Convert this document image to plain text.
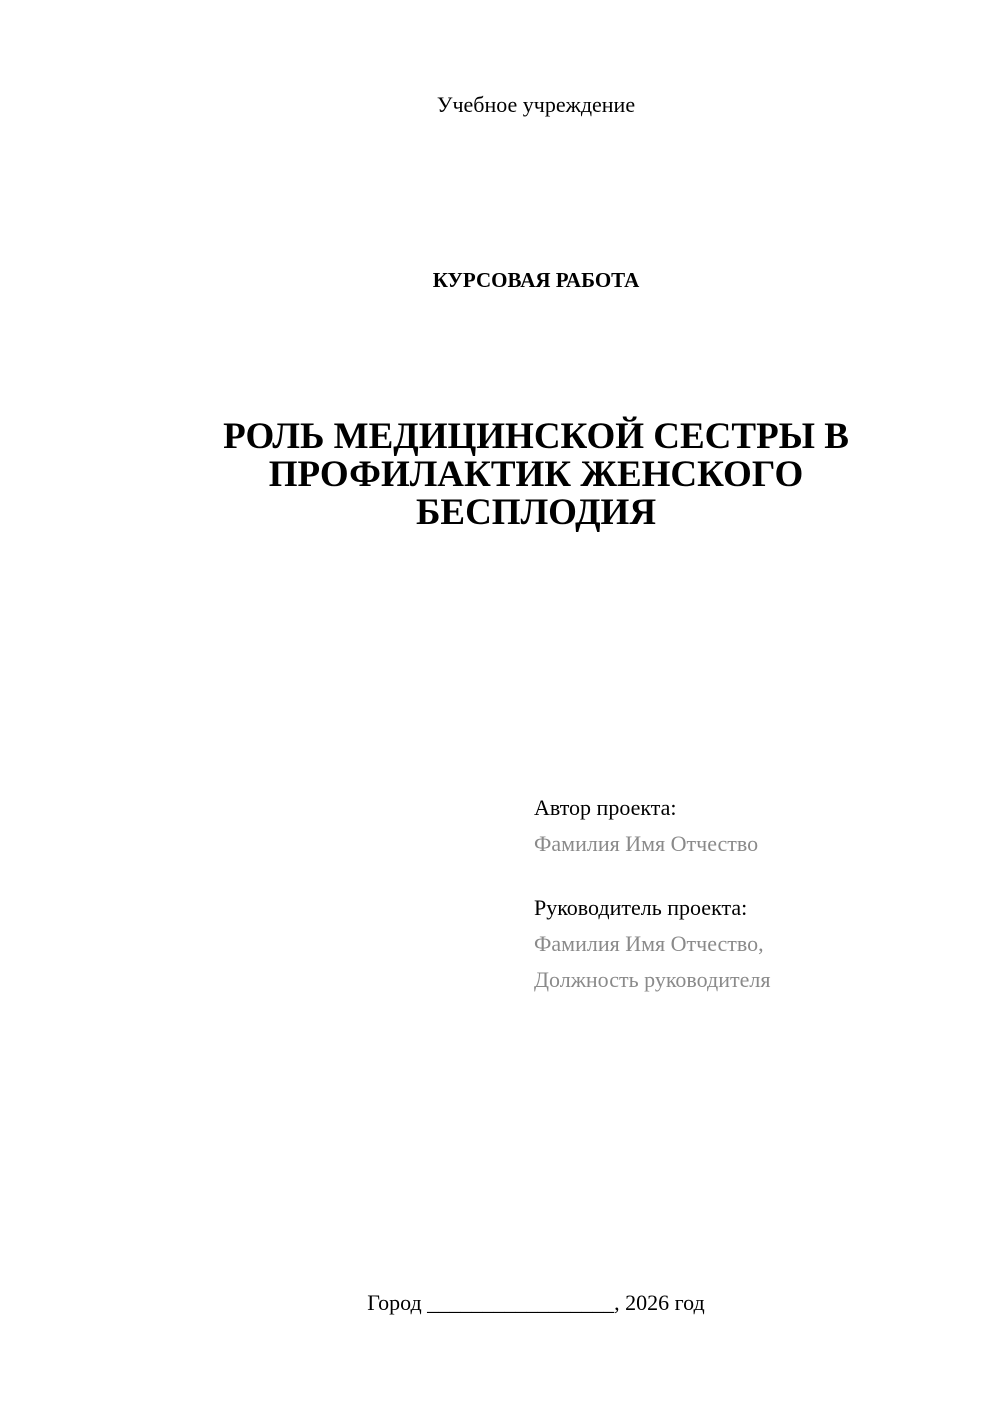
Учебное учреждение
КУРСОВАЯ РАБОТА
РОЛЬ МЕДИЦИНСКОЙ СЕСТРЫ В
ПРОФИЛАКТИК ЖЕНСКОГО
БЕСПЛОДИЯ
Автор проекта:
Фамилия Имя Отчество
Руководитель проекта:
Фамилия Имя Отчество,
Должность руководителя
Город _________________, 2026 год
